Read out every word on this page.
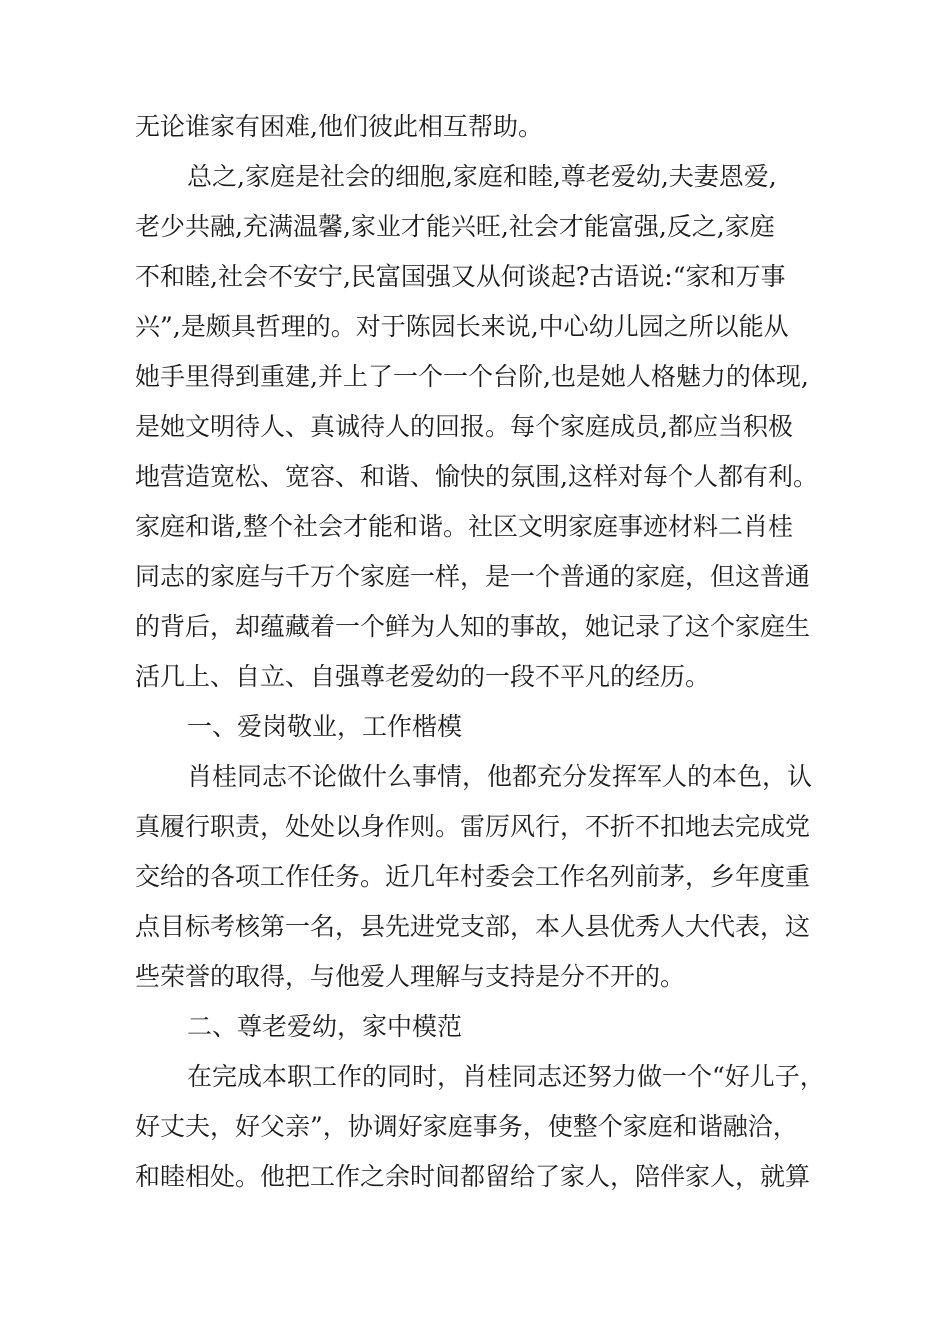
无论谁家有困难,他们彼此相互帮助。
总之,家庭是社会的细胞,家庭和睦,尊老爱幼,夫妻恩爱,
老少共融,充满温馨,家业才能兴旺,社会才能富强,反之,家庭
不和睦,社会不安宁,民富国强又从何谈起?古语说:“家和万事
兴”,是颇具哲理的。对于陈园长来说,中心幼儿园之所以能从
她手里得到重建,并上了一个一个台阶,也是她人格魅力的体现,
是她文明待人、真诚待人的回报。每个家庭成员,都应当积极
地营造宽松、宽容、和谐、愉快的氛围,这样对每个人都有利。
家庭和谐,整个社会才能和谐。社区文明家庭事迹材料二肖桂
同志的家庭与千万个家庭一样，是一个普通的家庭，但这普通
的背后，却蕴藏着一个鲜为人知的事故，她记录了这个家庭生
活几上、自立、自强尊老爱幼的一段不平凡的经历。
一、爱岗敬业，工作楷模
肖桂同志不论做什么事情，他都充分发挥军人的本色，认
真履行职责，处处以身作则。雷厉风行，不折不扣地去完成党
交给的各项工作任务。近几年村委会工作名列前茅，乡年度重
点目标考核第一名，县先进党支部，本人县优秀人大代表，这
些荣誉的取得，与他爱人理解与支持是分不开的。
二、尊老爱幼，家中模范
在完成本职工作的同时，肖桂同志还努力做一个“好儿子，
好丈夫，好父亲”，协调好家庭事务，使整个家庭和谐融洽，
和睦相处。他把工作之余时间都留给了家人，陪伴家人，就算
